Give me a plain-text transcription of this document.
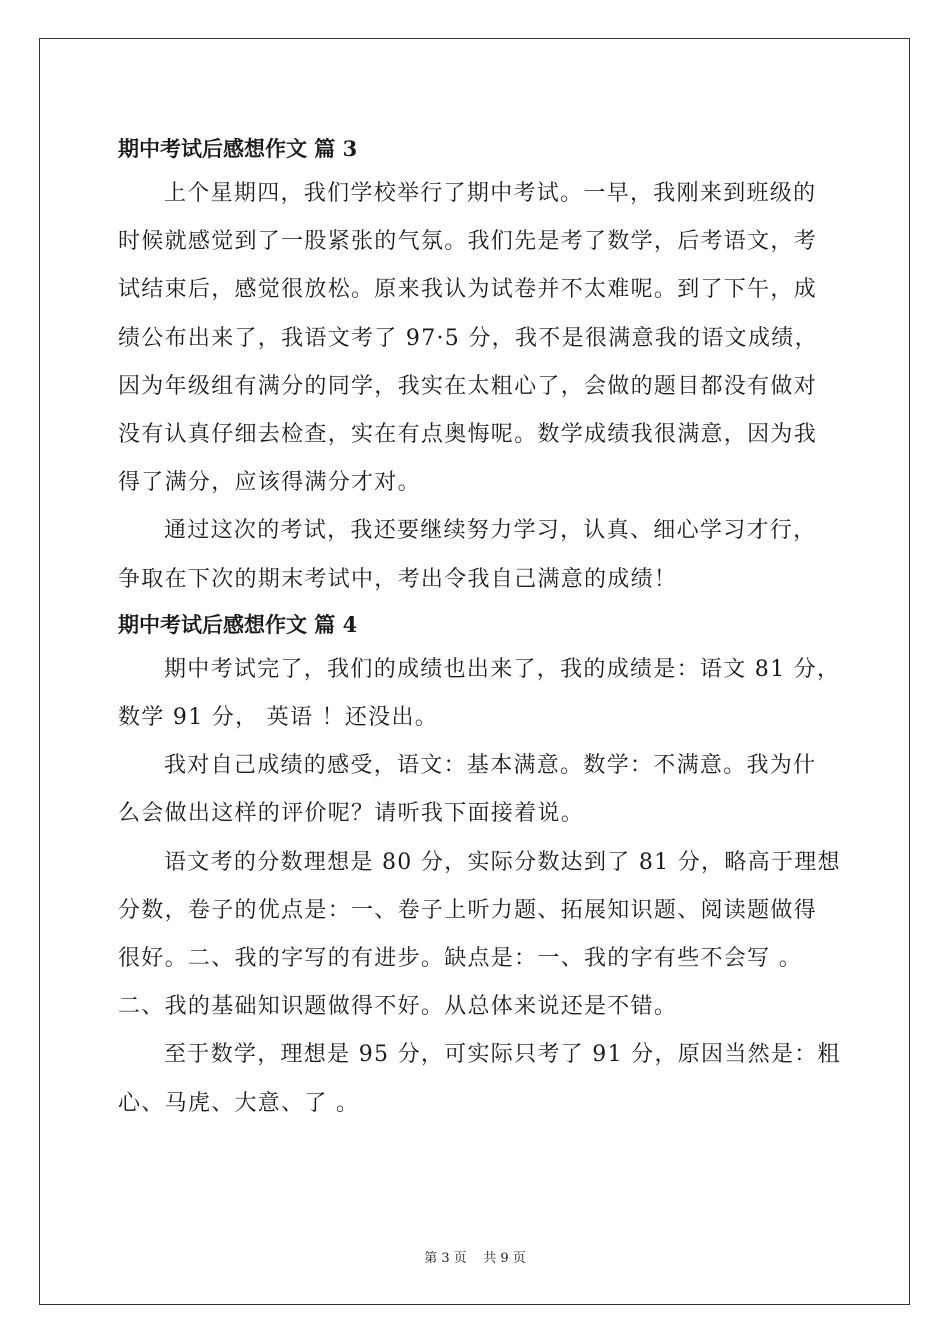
期中考试后感想作文 篇 3

上个星期四，我们学校举行了期中考试。一早，我刚来到班级的
时候就感觉到了一股紧张的气氛。我们先是考了数学，后考语文，考
试结束后，感觉很放松。原来我认为试卷并不太难呢。到了下午，成
绩公布出来了，我语文考了 97·5 分，我不是很满意我的语文成绩，
因为年级组有满分的同学，我实在太粗心了，会做的题目都没有做对
没有认真仔细去检查，实在有点奥悔呢。数学成绩我很满意，因为我
得了满分，应该得满分才对。

通过这次的考试，我还要继续努力学习，认真、细心学习才行，
争取在下次的期末考试中，考出令我自己满意的成绩！

期中考试后感想作文 篇 4

期中考试完了，我们的成绩也出来了，我的成绩是：语文 81 分，
数学 91 分， 英语 ！还没出。

我对自己成绩的感受，语文：基本满意。数学：不满意。我为什
么会做出这样的评价呢？请听我下面接着说。

语文考的分数理想是 80 分，实际分数达到了 81 分，略高于理想
分数，卷子的优点是：一、卷子上听力题、拓展知识题、阅读题做得
很好。二、我的字写的有进步。缺点是：一、我的字有些不会写 。
二、我的基础知识题做得不好。从总体来说还是不错。

至于数学，理想是 95 分，可实际只考了 91 分，原因当然是：粗
心、马虎、大意、了 。

第 3 页    共 9 页
